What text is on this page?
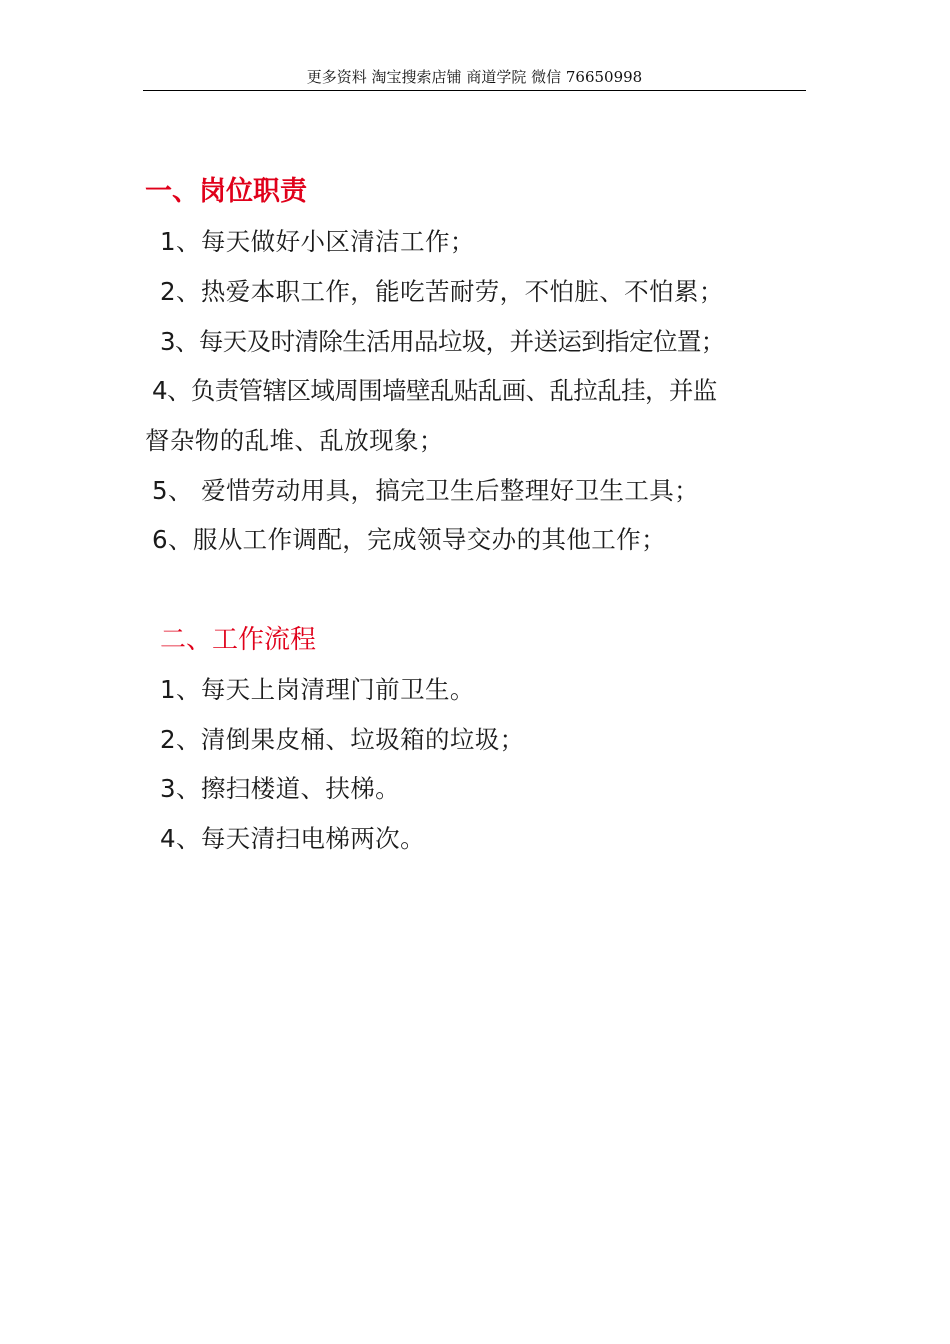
更多资料 淘宝搜索店铺 商道学院 微信 76650998
一、岗位职责
1、每天做好小区清洁工作；
2、热爱本职工作，能吃苦耐劳，不怕脏、不怕累；
3、每天及时清除生活用品垃圾，并送运到指定位置；
4、负责管辖区域周围墙壁乱贴乱画、乱拉乱挂，并监
督杂物的乱堆、乱放现象；
5、 爱惜劳动用具，搞完卫生后整理好卫生工具；
6、服从工作调配，完成领导交办的其他工作；
二、工作流程
1、每天上岗清理门前卫生。
2、清倒果皮桶、垃圾箱的垃圾；
3、擦扫楼道、扶梯。
4、每天清扫电梯两次。
